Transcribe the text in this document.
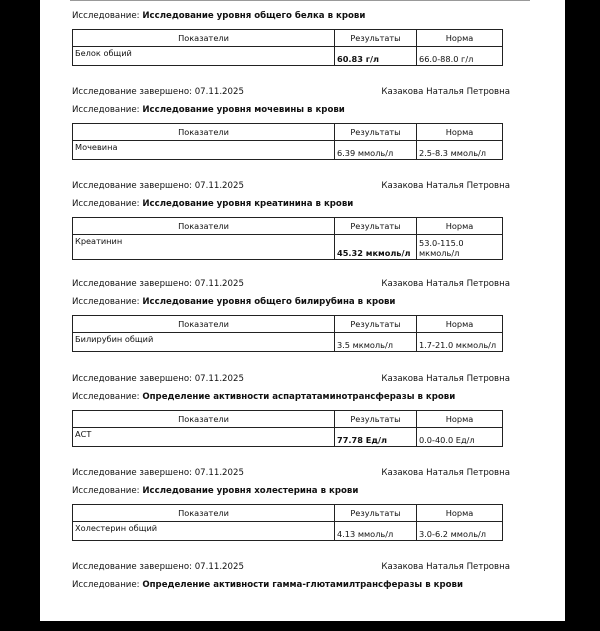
Исследование: Исследование уровня общего белка в крови
Показатели	Результаты	Норма
Белок общий	60.83 г/л	66.0-88.0 г/л
Исследование завершено: 07.11.2025	Казакова Наталья Петровна
Исследование: Исследование уровня мочевины в крови
Показатели	Результаты	Норма
Мочевина	6.39 ммоль/л	2.5-8.3 ммоль/л
Исследование завершено: 07.11.2025	Казакова Наталья Петровна
Исследование: Исследование уровня креатинина в крови
Показатели	Результаты	Норма
Креатинин	45.32 мкмоль/л	53.0-115.0 мкмоль/л
Исследование завершено: 07.11.2025	Казакова Наталья Петровна
Исследование: Исследование уровня общего билирубина в крови
Показатели	Результаты	Норма
Билирубин общий	3.5 мкмоль/л	1.7-21.0 мкмоль/л
Исследование завершено: 07.11.2025	Казакова Наталья Петровна
Исследование: Определение активности аспартатаминотрансферазы в крови
Показатели	Результаты	Норма
АСТ	77.78 Ед/л	0.0-40.0 Ед/л
Исследование завершено: 07.11.2025	Казакова Наталья Петровна
Исследование: Исследование уровня холестерина в крови
Показатели	Результаты	Норма
Холестерин общий	4.13 ммоль/л	3.0-6.2 ммоль/л
Исследование завершено: 07.11.2025	Казакова Наталья Петровна
Исследование: Определение активности гамма-глютамилтрансферазы в крови
